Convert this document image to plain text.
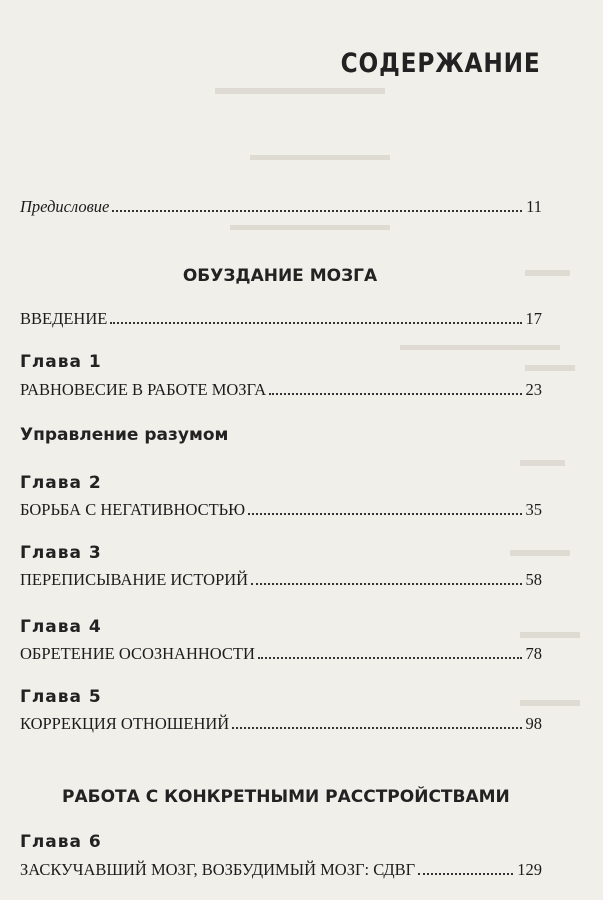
СОДЕРЖАНИЕ
Предисловие	11
ОБУЗДАНИЕ МОЗГА
ВВЕДЕНИЕ	17
Глава 1
РАВНОВЕСИЕ В РАБОТЕ МОЗГА	23
Управление разумом
Глава 2
БОРЬБА С НЕГАТИВНОСТЬЮ	35
Глава 3
ПЕРЕПИСЫВАНИЕ ИСТОРИЙ	58
Глава 4
ОБРЕТЕНИЕ ОСОЗНАННОСТИ	78
Глава 5
КОРРЕКЦИЯ ОТНОШЕНИЙ	98
РАБОТА С КОНКРЕТНЫМИ РАССТРОЙСТВАМИ
Глава 6
ЗАСКУЧАВШИЙ МОЗГ, ВОЗБУДИМЫЙ МОЗГ: СДВГ	129
